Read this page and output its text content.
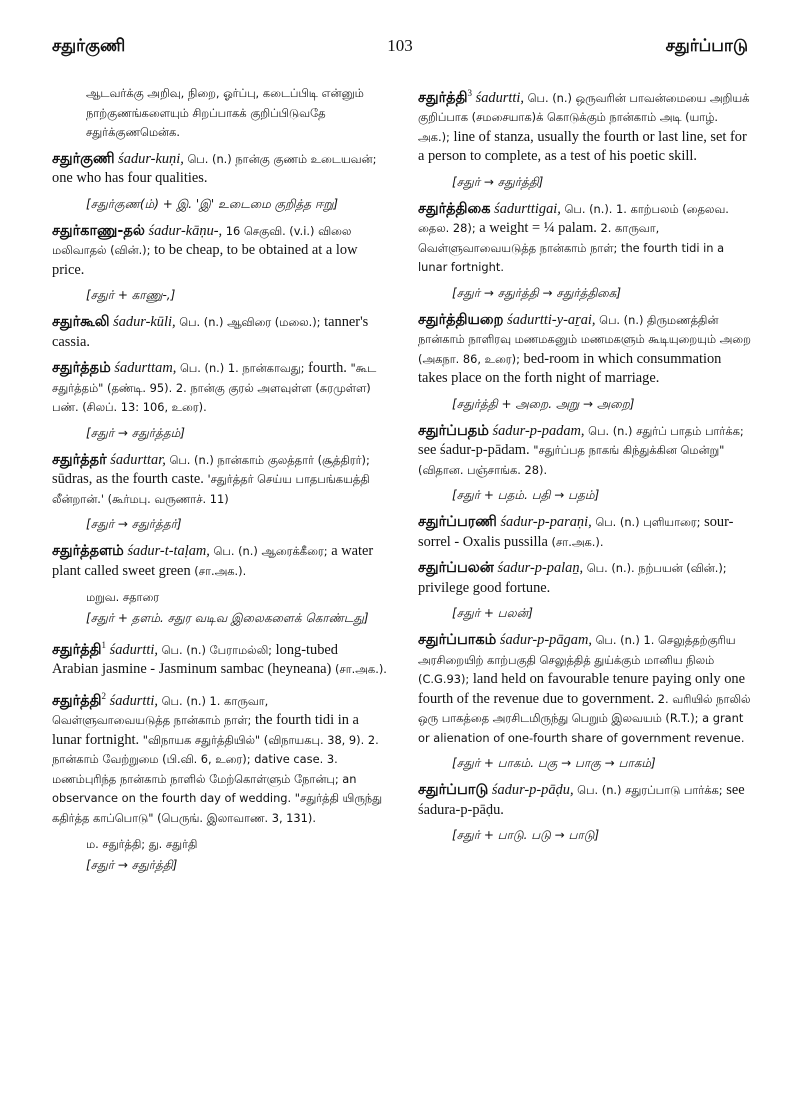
சதுர்குணி	103	சதுர்ப்பாடு
ஆடவர்க்கு அறிவு, நிறை, ஓர்ப்பு, கடைப்பிடி என்னும் நாற்குணங்களையும் சிறப்பாகக் குறிப்பிடுவதே சதுர்க்குணமென்க.
சதுர்குணி śadur-kuṇi, பெ. (n.) நான்கு குணம் உடையவன்; one who has four qualities.
[சதுர்குண(ம்) + இ. 'இ' உடைமை குறித்த ஈறு]
சதுர்காணு-தல் śadur-kāṇu-, 16 செகுவி. (v.i.) விலை மலிவாதல் (வின்.); to be cheap, to be obtained at a low price.
[சதுர் + காணு-,]
சதுர்கூலி śadur-kūli, பெ. (n.) ஆவிரை (மலை.); tanner's cassia.
சதுர்த்தம் śadurttam, பெ. (n.) 1. நான்காவது; fourth. "கூட சதுர்த்தம்" (தண்டி. 95). 2. நான்கு குரல் அளவுள்ள (சுரமுள்ள) பண். (சிலப். 13: 106, உரை).
[சதுர் → சதுர்த்தம்]
சதுர்த்தர் śadurttar, பெ. (n.) நான்காம் குலத்தார் (சூத்திரர்); sūdras, as the fourth caste. 'சதுர்த்தர் செய்ய பாதபங்கயத்தி லீன்றான்.' (கூர்மபு. வருணாச். 11)
[சதுர் → சதுர்த்தர்]
சதுர்த்தளம் śadur-t-taḷam, பெ. (n.) ஆரைக்கீரை; a water plant called sweet green (சா.அக.).
மறுவ. சதாரை
[சதுர் + தளம். சதுர வடிவ இலைகளைக் கொண்டது]
சதுர்த்தி$^1$ śadurtti, பெ. (n.) பேராமல்லி; long-tubed Arabian jasmine - Jasminum sambac (heyneana) (சா.அக.).
சதுர்த்தி$^2$ śadurtti, பெ. (n.) 1. காருவா, வெள்ளுவாவையடுத்த நான்காம் நாள்; the fourth tidi in a lunar fortnight. "விநாயக சதுர்த்தியில்" (விநாயகபு. 38, 9). 2. நான்காம் வேற்றுமை (பி.வி. 6, உரை); dative case. 3. மணம்புரிந்த நான்காம் நாளில் மேற்கொள்ளும் நோன்பு; an observance on the fourth day of wedding. "சதுர்த்தி யிருந்து கதிர்த்த காப்பொடு" (பெருங். இலாவாண. 3, 131).
ம. சதுர்த்தி; து. சதுர்தி
[சதுர் → சதுர்த்தி]
சதுர்த்தி$^3$ śadurtti, பெ. (n.) ஒருவரின் பாவன்மையை அறியக் குறிப்பாக (சமசையாக)க் கொடுக்கும் நான்காம் அடி (யாழ். அக.); line of stanza, usually the fourth or last line, set for a person to complete, as a test of his poetic skill.
[சதுர் → சதுர்த்தி]
சதுர்த்திகை śadurttigai, பெ. (n.). 1. காற்பலம் (தைலவ. தைல. 28); a weight = ¼ palam. 2. காருவா, வெள்ளுவாவையடுத்த நான்காம் நாள்; the fourth tidi in a lunar fortnight.
[சதுர் → சதுர்த்தி → சதுர்த்திகை]
சதுர்த்தியறை śadurtti-y-aṟai, பெ. (n.) திருமணத்தின் நான்காம் நாளிரவு மணமகனும் மணமகளும் கூடியுறையும் அறை (அகநா. 86, உரை); bed-room in which consummation takes place on the forth night of marriage.
[சதுர்த்தி + அறை. அறு → அறை]
சதுர்ப்பதம் śadur-p-padam, பெ. (n.) சதுர்ப் பாதம் பார்க்க; see śadur-p-pādam. "சதுர்ப்பத நாகங் கிந்துக்கின மென்று" (விதான. பஞ்சாங்க. 28).
[சதுர் + பதம். பதி → பதம்]
சதுர்ப்பரணி śadur-p-paraṇi, பெ. (n.) புளியாரை; sour-sorrel - Oxalis pussilla (சா.அக.).
சதுர்ப்பலன் śadur-p-palaṉ, பெ. (n.). நற்பயன் (வின்.); privilege good fortune.
[சதுர் + பலன்]
சதுர்ப்பாகம் śadur-p-pāgam, பெ. (n.) 1. செலுத்தற்குரிய அரசிறையிற் காற்பகுதி செலுத்தித் துய்க்கும் மானிய நிலம் (C.G.93); land held on favourable tenure paying only one fourth of the revenue due to government. 2. வரியில் நாலில் ஒரு பாகத்தை அரசிடமிருந்து பெறும் இலவயம் (R.T.); a grant or alienation of one-fourth share of government revenue.
[சதுர் + பாகம். பகு → பாகு → பாகம்]
சதுர்ப்பாடு śadur-p-pāḍu, பெ. (n.) சதுரப்பாடு பார்க்க; see śadura-p-pāḍu.
[சதுர் + பாடு. படு → பாடு]
